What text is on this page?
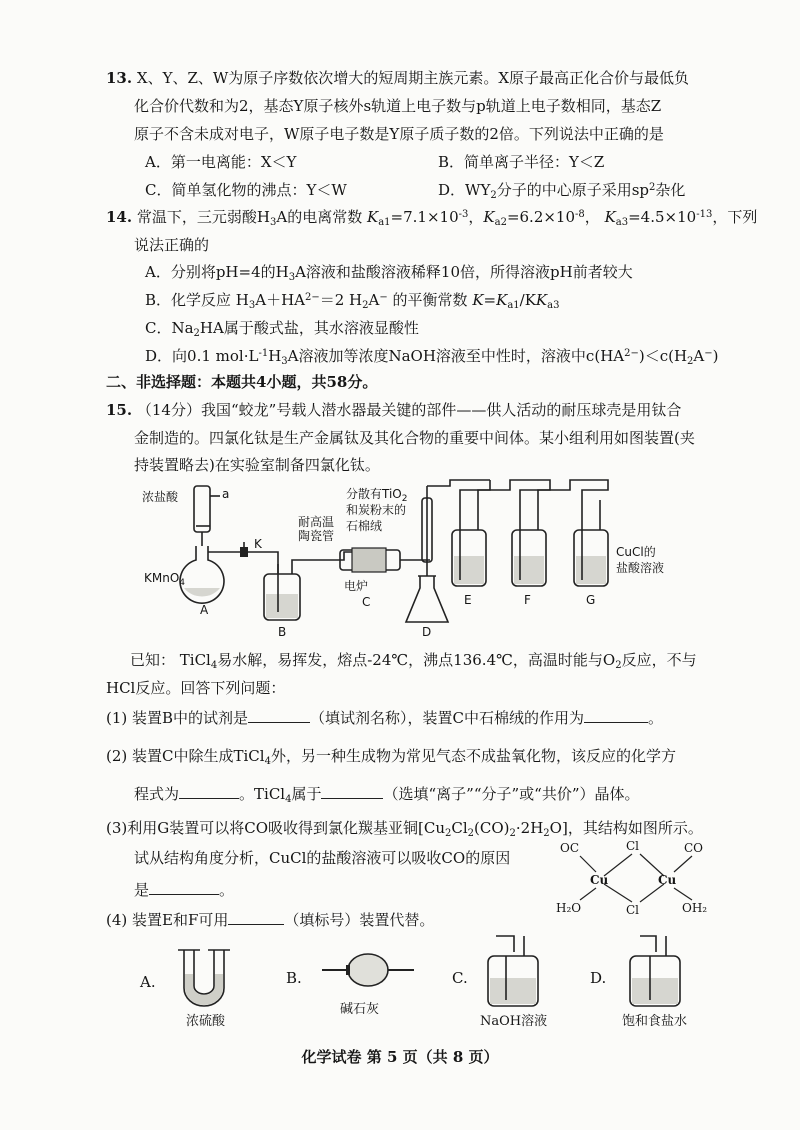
13. X、Y、Z、W为原子序数依次增大的短周期主族元素。X原子最高正化合价与最低负
化合价代数和为2，基态Y原子核外s轨道上电子数与p轨道上电子数相同，基态Z
原子不含未成对电子，W原子电子数是Y原子质子数的2倍。下列说法中正确的是
A．第一电离能：X＜Y	B．简单离子半径：Y＜Z
C．简单氢化物的沸点：Y＜W	D．$WY_2$分子的中心原子采用$sp^2$杂化
14. 常温下，三元弱酸$H_3A$的电离常数 $K_{a1}=7.1\times 10^{-3}$，$K_{a2}=6.2\times 10^{-8}$， $K_{a3}=4.5\times 10^{-13}$，下列
说法正确的
A．分别将pH=4的$H_3A$溶液和盐酸溶液稀释10倍，所得溶液pH前者较大
B．化学反应 $H_3A+HA^{2-}=2$ $H_2A^-$ 的平衡常数 $K=K_{a1}/KK_{a3}$
C．$Na_2HA$属于酸式盐，其水溶液显酸性
D．向0.1 $mol\cdot L^{-1}H_3A$溶液加等浓度NaOH溶液至中性时，溶液中$c(HA^{2-})<c(H_2A^-)$
二、非选择题：本题共4小题，共58分。
15. （14分）我国“蛟龙”号载人潜水器最关键的部件——供人活动的耐压球壳是用钛合
金制造的。四氯化钛是生产金属钛及其化合物的重要中间体。某小组利用如图装置(夹
持装置略去)在实验室制备四氯化钛。
浓盐酸	a
KMnO$_4$
A
K
B
耐高温
陶瓷管
分散有TiO$_2$
和炭粉末的
石棉绒
电炉
C
D
E	F	G
CuCl的
盐酸溶液
已知： TiCl$_4$易水解，易挥发，熔点-24℃，沸点136.4℃，高温时能与$O_2$反应，不与
HCl反应。回答下列问题：
(1) 装置B中的试剂是	（填试剂名称），装置C中石棉绒的作用为	。
(2) 装置C中除生成TiCl$_4$外，另一种生成物为常见气态不成盐氧化物，该反应的化学方
程式为	。TiCl$_4$属于	（选填“离子”“分子”或“共价”）晶体。
(3)利用G装置可以将CO吸收得到氯化羰基亚铜$[Cu_2Cl_2(CO)_2\cdot 2H_2O]$，其结构如图所示。
试从结构角度分析，CuCl的盐酸溶液可以吸收CO的原因
是	。
OC	Cl	CO
Cu	Cu
H₂O	Cl	OH₂
(4) 装置E和F可用	（填标号）装置代替。
A.
浓硫酸
B.
碱石灰
C.
NaOH溶液
D.
饱和食盐水
化学试卷 第 5 页（共 8 页）
